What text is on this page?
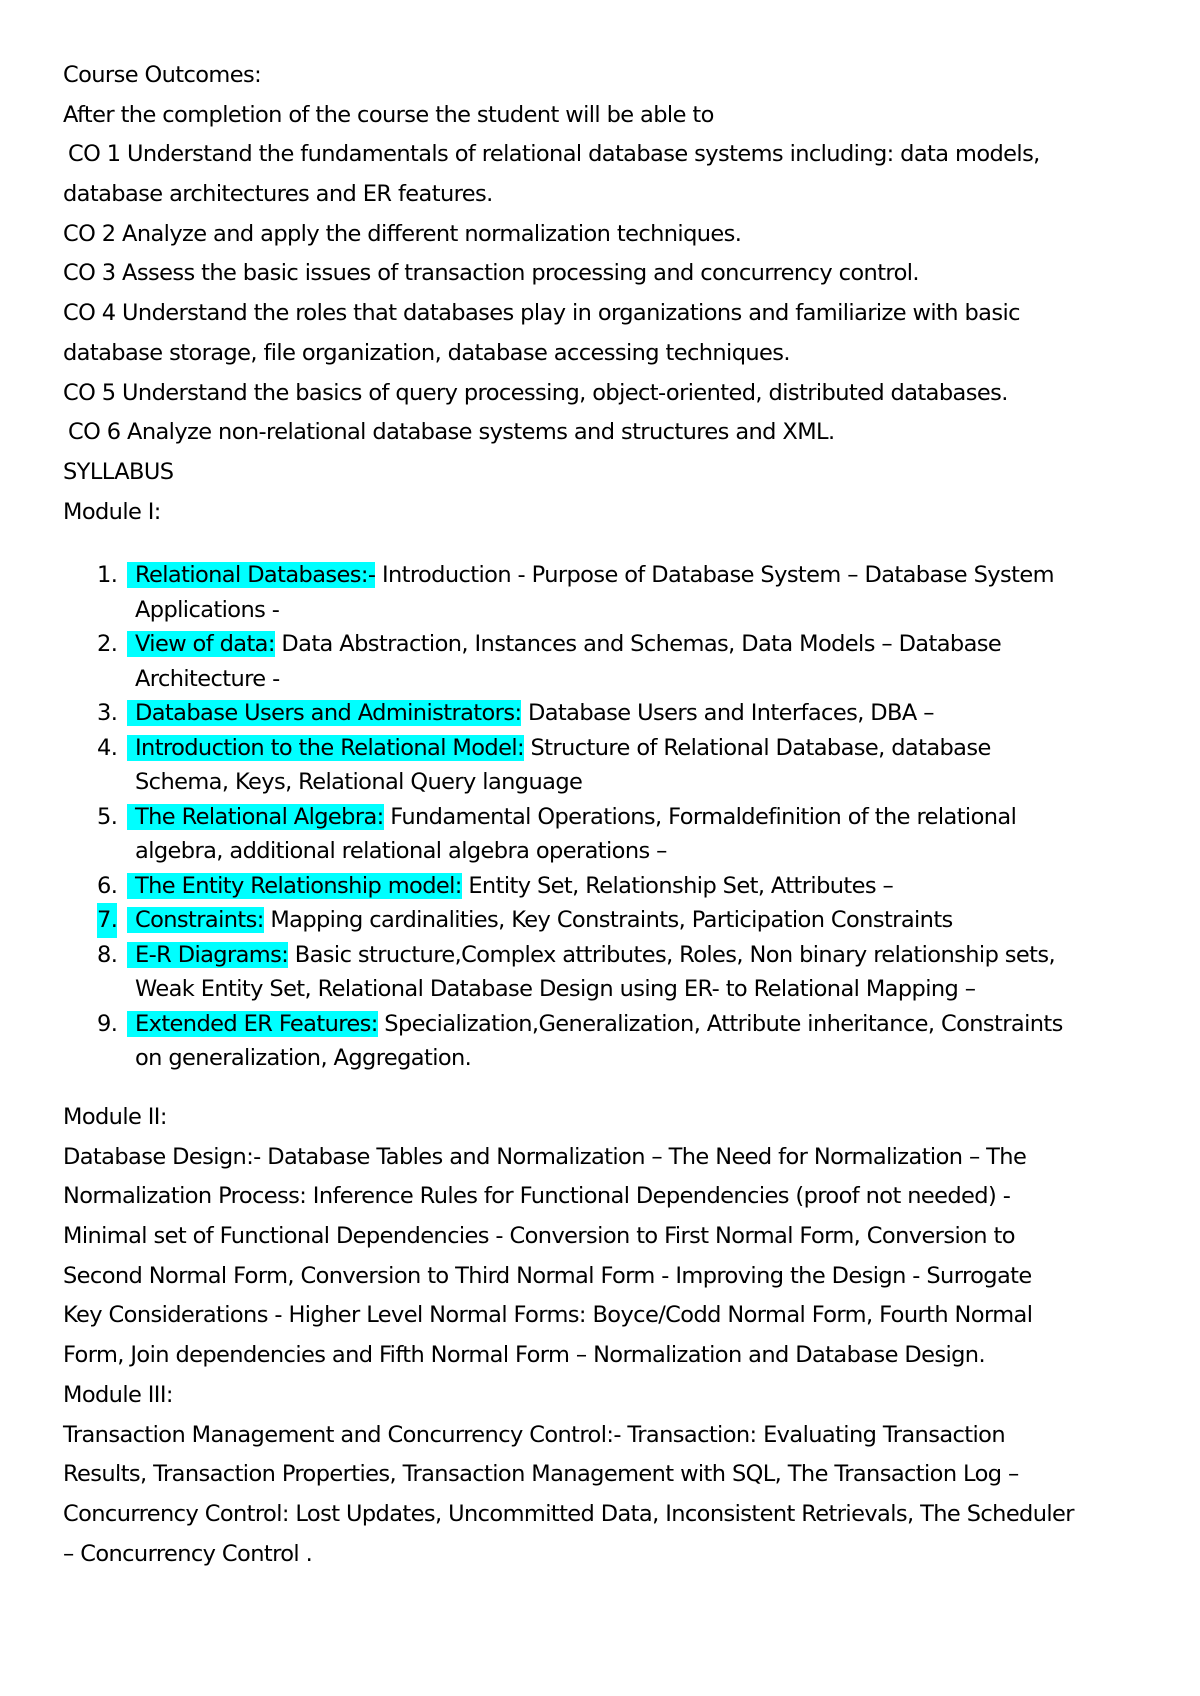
Course Outcomes:
After the completion of the course the student will be able to
CO 1 Understand the fundamentals of relational database systems including: data models,
database architectures and ER features.
CO 2 Analyze and apply the different normalization techniques.
CO 3 Assess the basic issues of transaction processing and concurrency control.
CO 4 Understand the roles that databases play in organizations and familiarize with basic
database storage, file organization, database accessing techniques.
CO 5 Understand the basics of query processing, object-oriented, distributed databases.
CO 6 Analyze non-relational database systems and structures and XML.
SYLLABUS
Module I:
1. Relational Databases:- Introduction - Purpose of Database System – Database System
Applications -
2. View of data: Data Abstraction, Instances and Schemas, Data Models – Database
Architecture -
3. Database Users and Administrators: Database Users and Interfaces, DBA –
4. Introduction to the Relational Model: Structure of Relational Database, database
Schema, Keys, Relational Query language
5. The Relational Algebra: Fundamental Operations, Formaldefinition of the relational
algebra, additional relational algebra operations –
6. The Entity Relationship model: Entity Set, Relationship Set, Attributes –
7. Constraints: Mapping cardinalities, Key Constraints, Participation Constraints
8. E-R Diagrams: Basic structure,Complex attributes, Roles, Non binary relationship sets,
Weak Entity Set, Relational Database Design using ER- to Relational Mapping –
9. Extended ER Features: Specialization,Generalization, Attribute inheritance, Constraints
on generalization, Aggregation.
Module II:
Database Design:- Database Tables and Normalization – The Need for Normalization – The
Normalization Process: Inference Rules for Functional Dependencies (proof not needed) -
Minimal set of Functional Dependencies - Conversion to First Normal Form, Conversion to
Second Normal Form, Conversion to Third Normal Form - Improving the Design - Surrogate
Key Considerations - Higher Level Normal Forms: Boyce/Codd Normal Form, Fourth Normal
Form, Join dependencies and Fifth Normal Form – Normalization and Database Design.
Module III:
Transaction Management and Concurrency Control:- Transaction: Evaluating Transaction
Results, Transaction Properties, Transaction Management with SQL, The Transaction Log –
Concurrency Control: Lost Updates, Uncommitted Data, Inconsistent Retrievals, The Scheduler
– Concurrency Control .
